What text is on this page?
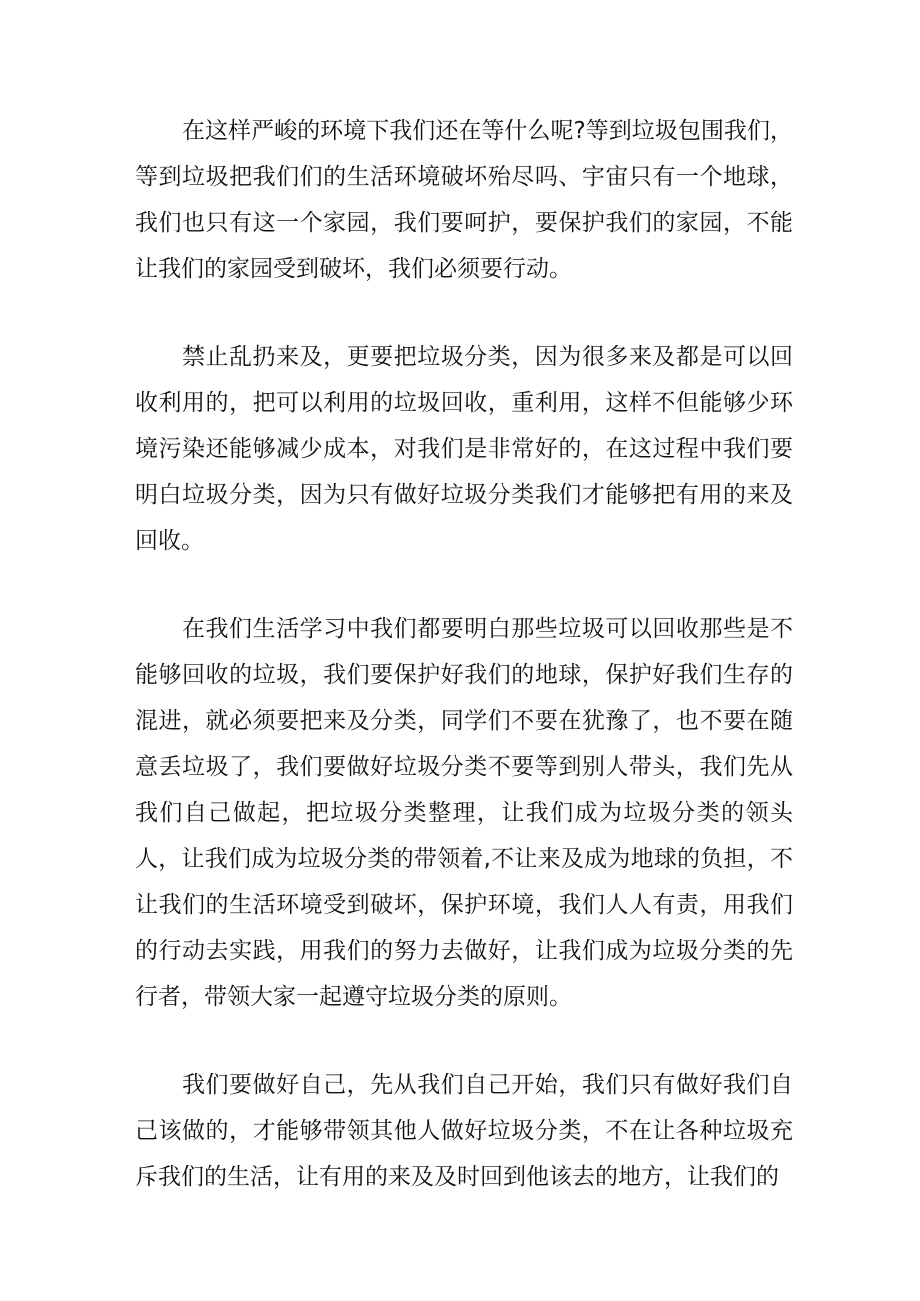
在这样严峻的环境下我们还在等什么呢?等到垃圾包围我们，等到垃圾把我们们的生活环境破坏殆尽吗、宇宙只有一个地球，我们也只有这一个家园，我们要呵护，要保护我们的家园，不能让我们的家园受到破坏，我们必须要行动。

禁止乱扔来及，更要把垃圾分类，因为很多来及都是可以回收利用的，把可以利用的垃圾回收，重利用，这样不但能够少环境污染还能够减少成本，对我们是非常好的，在这过程中我们要明白垃圾分类，因为只有做好垃圾分类我们才能够把有用的来及回收。

在我们生活学习中我们都要明白那些垃圾可以回收那些是不能够回收的垃圾，我们要保护好我们的地球，保护好我们生存的混进，就必须要把来及分类，同学们不要在犹豫了，也不要在随意丢垃圾了，我们要做好垃圾分类不要等到别人带头，我们先从我们自己做起，把垃圾分类整理，让我们成为垃圾分类的领头人，让我们成为垃圾分类的带领着,不让来及成为地球的负担，不让我们的生活环境受到破坏，保护环境，我们人人有责，用我们的行动去实践，用我们的努力去做好，让我们成为垃圾分类的先行者，带领大家一起遵守垃圾分类的原则。

我们要做好自己，先从我们自己开始，我们只有做好我们自己该做的，才能够带领其他人做好垃圾分类，不在让各种垃圾充斥我们的生活，让有用的来及及时回到他该去的地方，让我们的
